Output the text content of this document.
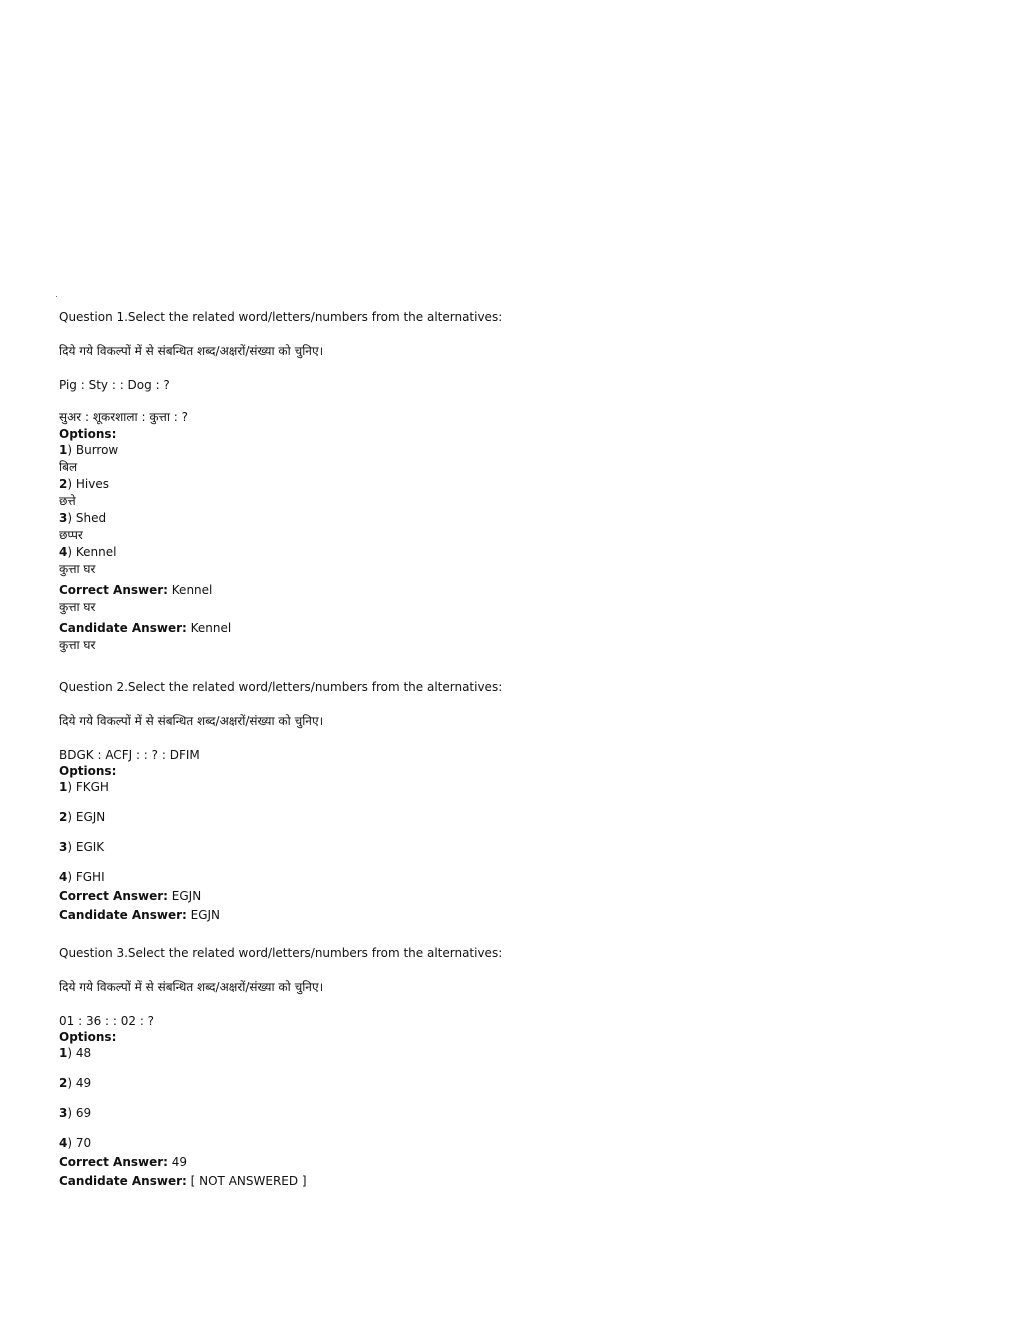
Question 1.Select the related word/letters/numbers from the alternatives:
दिये गये विकल्पों में से संबन्धित शब्द/अक्षरों/संख्या को चुनिए।
Pig : Sty : : Dog : ?
सुअर : शूकरशाला : कुत्ता : ?
Options:
1) Burrow
बिल
2) Hives
छत्ते
3) Shed
छप्पर
4) Kennel
कुत्ता घर
Correct Answer: Kennel
कुत्ता घर
Candidate Answer: Kennel
कुत्ता घर
Question 2.Select the related word/letters/numbers from the alternatives:
दिये गये विकल्पों में से संबन्धित शब्द/अक्षरों/संख्या को चुनिए।
BDGK : ACFJ : : ? : DFIM
Options:
1) FKGH
2) EGJN
3) EGIK
4) FGHI
Correct Answer: EGJN
Candidate Answer: EGJN
Question 3.Select the related word/letters/numbers from the alternatives:
दिये गये विकल्पों में से संबन्धित शब्द/अक्षरों/संख्या को चुनिए।
01 : 36 : : 02 : ?
Options:
1) 48
2) 49
3) 69
4) 70
Correct Answer: 49
Candidate Answer: [ NOT ANSWERED ]
